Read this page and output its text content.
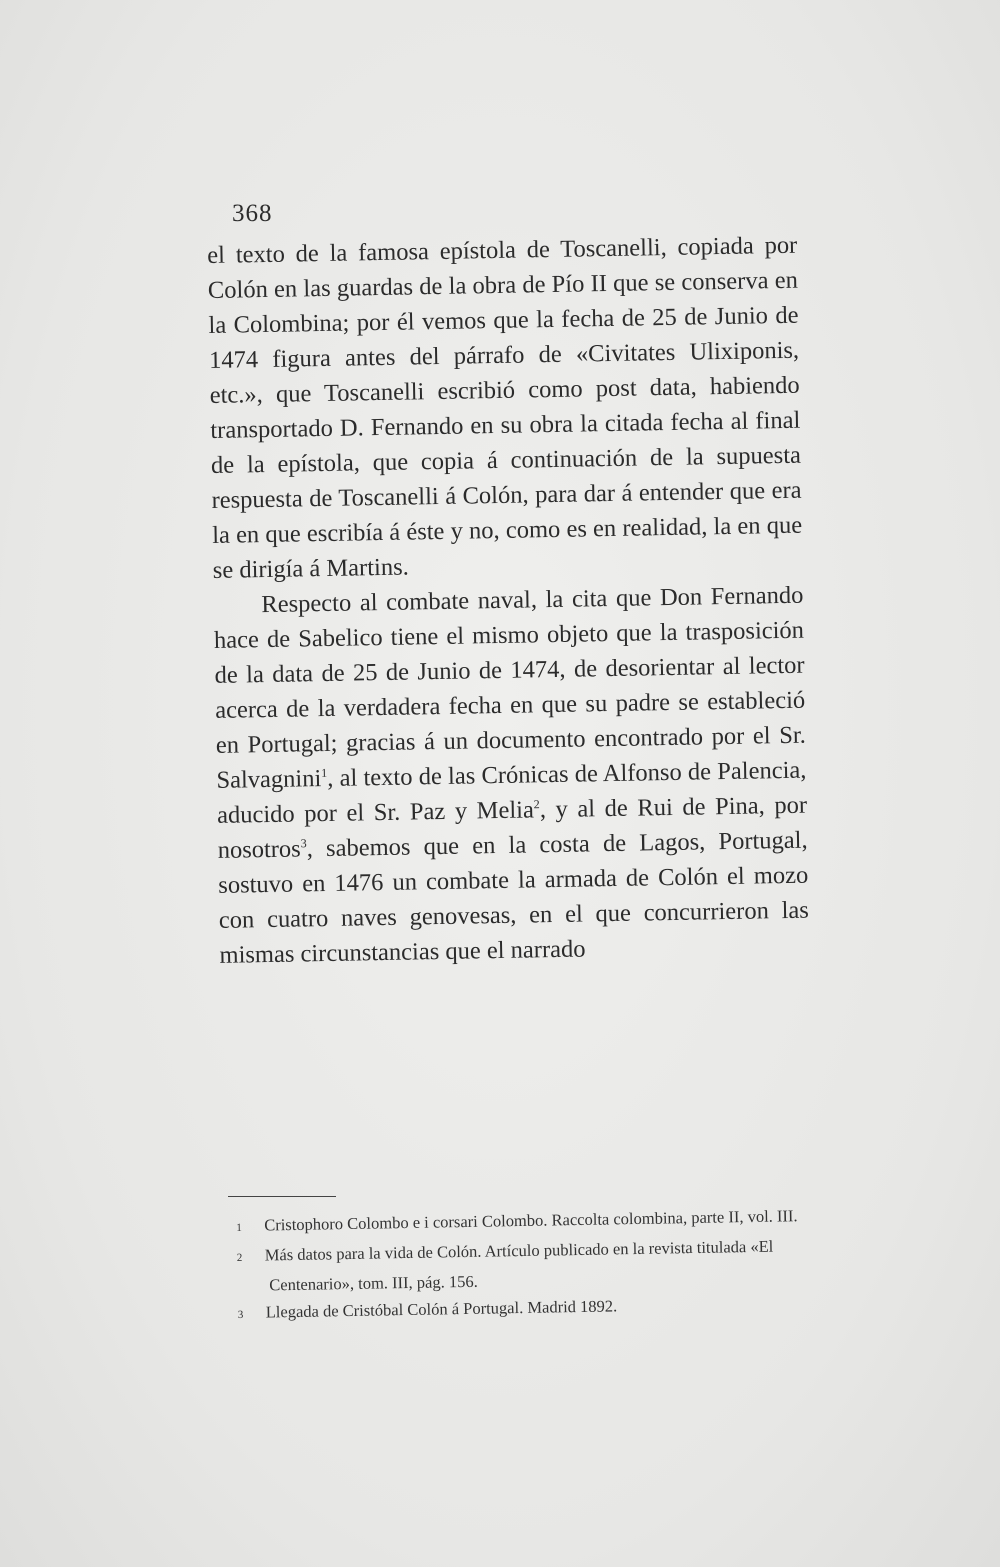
368

el texto de la famosa epístola de Toscanelli, copiada por Colón en las guardas de la obra de Pío II que se conserva en la Colombina; por él vemos que la fecha de 25 de Junio de 1474 figura antes del párrafo de «Civitates Ulixiponis, etc.», que Toscanelli escribió como post data, habiendo transportado D. Fernando en su obra la citada fecha al final de la epístola, que copia á continuación de la supuesta respuesta de Toscanelli á Colón, para dar á entender que era la en que escribía á éste y no, como es en realidad, la en que se dirigía á Martins.

Respecto al combate naval, la cita que Don Fernando hace de Sabelico tiene el mismo objeto que la trasposición de la data de 25 de Junio de 1474, de desorientar al lector acerca de la verdadera fecha en que su padre se estableció en Portugal; gracias á un documento encontrado por el Sr. Salvagnini$^1$, al texto de las Crónicas de Alfonso de Palencia, aducido por el Sr. Paz y Melia$^2$, y al de Rui de Pina, por nosotros$^3$, sabemos que en la costa de Lagos, Portugal, sostuvo en 1476 un combate la armada de Colón el mozo con cuatro naves genovesas, en el que concurrieron las mismas circunstancias que el narrado

1 Cristophoro Colombo e i corsari Colombo. Raccolta colombina, parte II, vol. III.

2 Más datos para la vida de Colón. Artículo publicado en la revista titulada «El Centenario», tom. III, pág. 156.

3 Llegada de Cristóbal Colón á Portugal. Madrid 1892.
